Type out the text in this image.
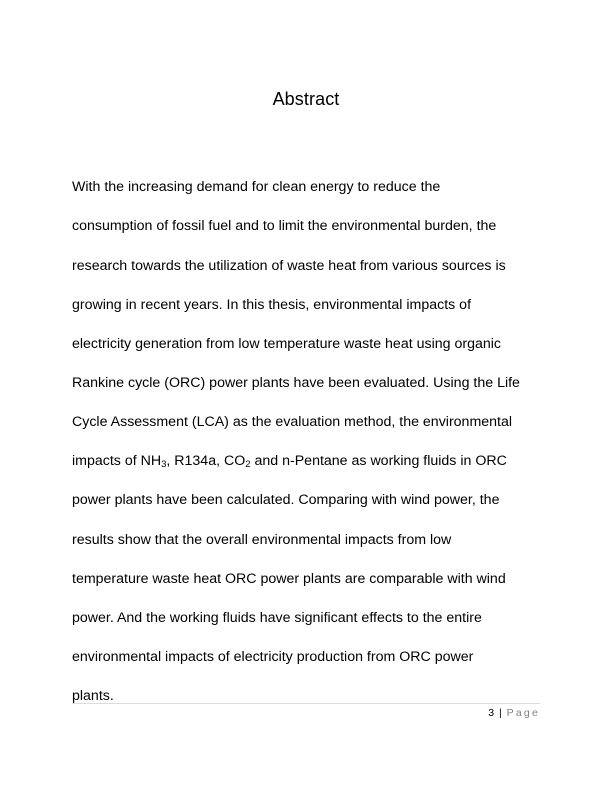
Abstract
With the increasing demand for clean energy to reduce the
consumption of fossil fuel and to limit the environmental burden, the
research towards the utilization of waste heat from various sources is
growing in recent years. In this thesis, environmental impacts of
electricity generation from low temperature waste heat using organic
Rankine cycle (ORC) power plants have been evaluated. Using the Life
Cycle Assessment (LCA) as the evaluation method, the environmental
impacts of $NH_3$, R134a, $CO_2$ and n-Pentane as working fluids in ORC
power plants have been calculated. Comparing with wind power, the
results show that the overall environmental impacts from low
temperature waste heat ORC power plants are comparable with wind
power. And the working fluids have significant effects to the entire
environmental impacts of electricity production from ORC power
plants.
3 | Page
